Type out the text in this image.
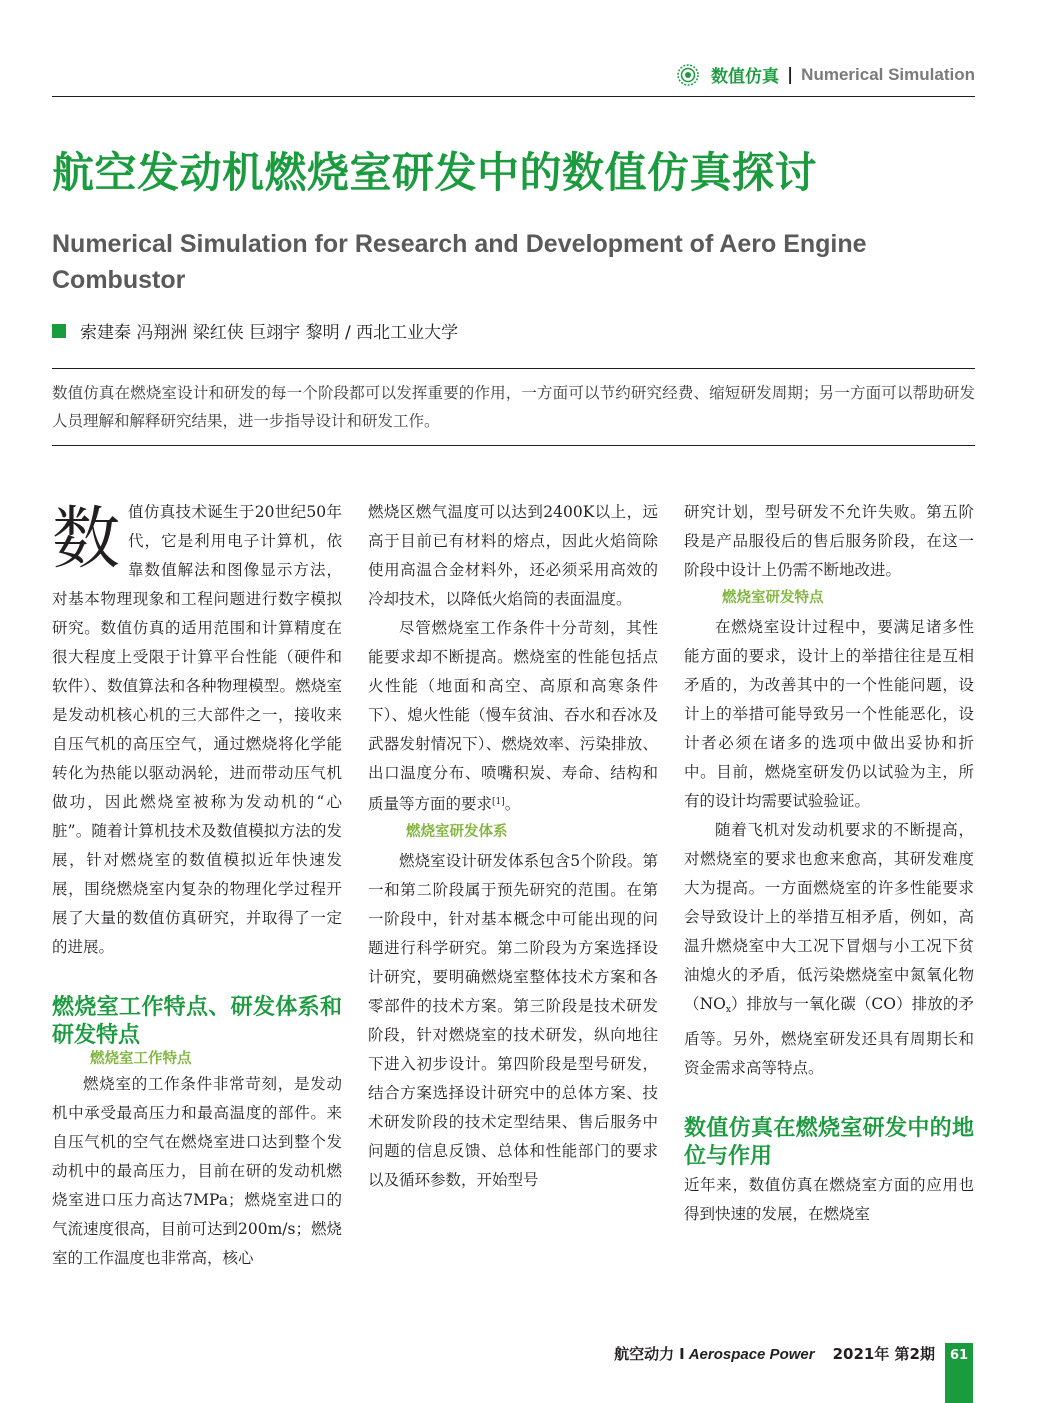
数值仿真 | Numerical Simulation
航空发动机燃烧室研发中的数值仿真探讨
Numerical Simulation for Research and Development of Aero Engine Combustor
索建秦 冯翔洲 梁红侠 巨翊宇 黎明 / 西北工业大学

数值仿真在燃烧室设计和研发的每一个阶段都可以发挥重要的作用，一方面可以节约研究经费、缩短研发周期；另一方面可以帮助研发人员理解和解释研究结果，进一步指导设计和研发工作。

数值仿真技术诞生于20世纪50年代，它是利用电子计算机，依靠数值解法和图像显示方法，对基本物理现象和工程问题进行数字模拟研究。数值仿真的适用范围和计算精度在很大程度上受限于计算平台性能（硬件和软件）、数值算法和各种物理模型。燃烧室是发动机核心机的三大部件之一，接收来自压气机的高压空气，通过燃烧将化学能转化为热能以驱动涡轮，进而带动压气机做功，因此燃烧室被称为发动机的“心脏”。随着计算机技术及数值模拟方法的发展，针对燃烧室的数值模拟近年快速发展，围绕燃烧室内复杂的物理化学过程开展了大量的数值仿真研究，并取得了一定的进展。

燃烧室工作特点、研发体系和研发特点
燃烧室工作特点

燃烧室的工作条件非常苛刻，是发动机中承受最高压力和最高温度的部件。来自压气机的空气在燃烧室进口达到整个发动机中的最高压力，目前在研的发动机燃烧室进口压力高达7MPa；燃烧室进口的气流速度很高，目前可达到200m/s；燃烧室的工作温度也非常高，核心

燃烧区燃气温度可以达到2400K以上，远高于目前已有材料的熔点，因此火焰筒除使用高温合金材料外，还必须采用高效的冷却技术，以降低火焰筒的表面温度。

尽管燃烧室工作条件十分苛刻，其性能要求却不断提高。燃烧室的性能包括点火性能（地面和高空、高原和高寒条件下）、熄火性能（慢车贫油、吞水和吞冰及武器发射情况下）、燃烧效率、污染排放、出口温度分布、喷嘴积炭、寿命、结构和质量等方面的要求[1]。

燃烧室研发体系

燃烧室设计研发体系包含5个阶段。第一和第二阶段属于预先研究的范围。在第一阶段中，针对基本概念中可能出现的问题进行科学研究。第二阶段为方案选择设计研究，要明确燃烧室整体技术方案和各零部件的技术方案。第三阶段是技术研发阶段，针对燃烧室的技术研发，纵向地往下进入初步设计。第四阶段是型号研发，结合方案选择设计研究中的总体方案、技术研发阶段的技术定型结果、售后服务中问题的信息反馈、总体和性能部门的要求以及循环参数，开始型号

研究计划，型号研发不允许失败。第五阶段是产品服役后的售后服务阶段，在这一阶段中设计上仍需不断地改进。

燃烧室研发特点

在燃烧室设计过程中，要满足诸多性能方面的要求，设计上的举措往往是互相矛盾的，为改善其中的一个性能问题，设计上的举措可能导致另一个性能恶化，设计者必须在诸多的选项中做出妥协和折中。目前，燃烧室研发仍以试验为主，所有的设计均需要试验验证。

随着飞机对发动机要求的不断提高，对燃烧室的要求也愈来愈高，其研发难度大为提高。一方面燃烧室的许多性能要求会导致设计上的举措互相矛盾，例如，高温升燃烧室中大工况下冒烟与小工况下贫油熄火的矛盾，低污染燃烧室中氮氧化物$(NO_x)$排放与一氧化碳（CO）排放的矛盾等。另外，燃烧室研发还具有周期长和资金需求高等特点。

数值仿真在燃烧室研发中的地位与作用

近年来，数值仿真在燃烧室方面的应用也得到快速的发展，在燃烧室

航空动力 I Aerospace Power 2021年 第2期	61
